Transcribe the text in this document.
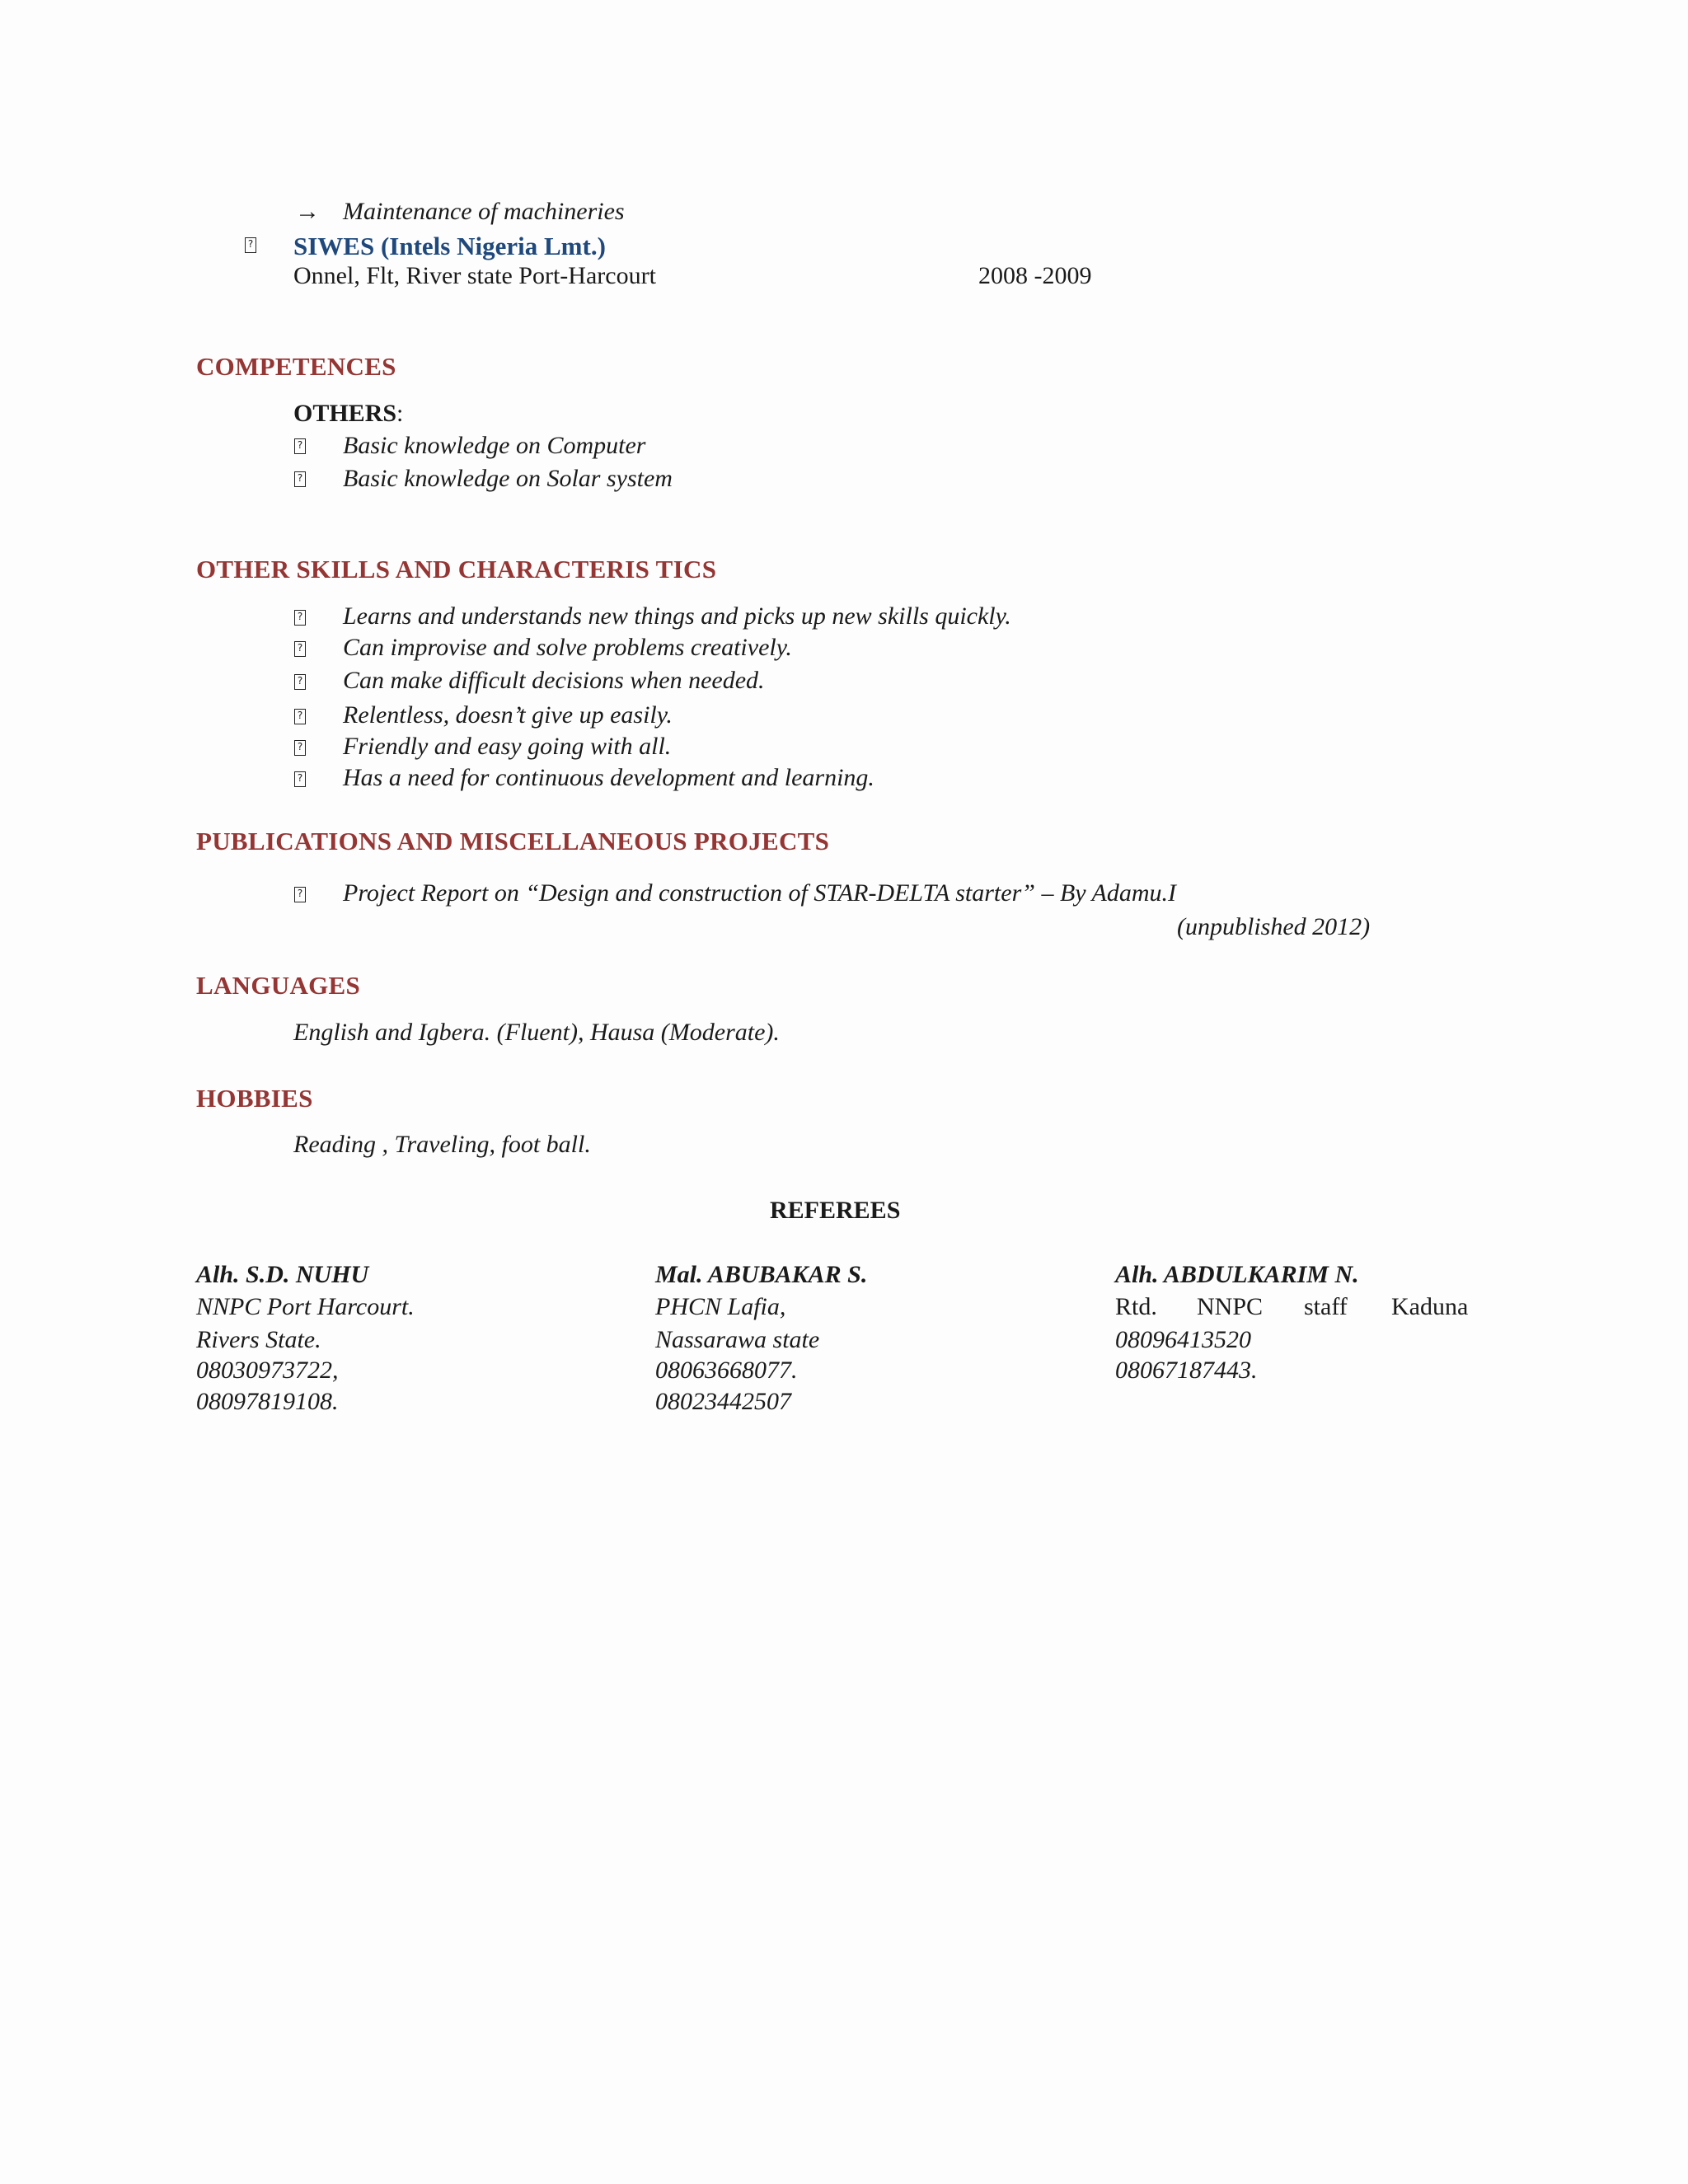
→ Maintenance of machineries
? SIWES (Intels Nigeria Lmt.)
Onnel, Flt, River state Port-Harcourt	2008 -2009
COMPETENCES
OTHERS:
? Basic knowledge on Computer
? Basic knowledge on Solar system
OTHER SKILLS AND CHARACTERIS TICS
? Learns and understands new things and picks up new skills quickly.
? Can improvise and solve problems creatively.
? Can make difficult decisions when needed.
? Relentless, doesn’t give up easily.
? Friendly and easy going with all.
? Has a need for continuous development and learning.
PUBLICATIONS AND MISCELLANEOUS PROJECTS
? Project Report on “Design and construction of STAR-DELTA starter” – By Adamu.I
(unpublished 2012)
LANGUAGES
English and Igbera. (Fluent), Hausa (Moderate).
HOBBIES
Reading , Traveling, foot ball.
REFEREES
Alh. S.D. NUHU
NNPC Port Harcourt.
Rivers State.
08030973722,
08097819108.
Mal. ABUBAKAR S.
PHCN Lafia,
Nassarawa state
08063668077.
08023442507
Alh. ABDULKARIM N.
Rtd. NNPC staff Kaduna
08096413520
08067187443.
